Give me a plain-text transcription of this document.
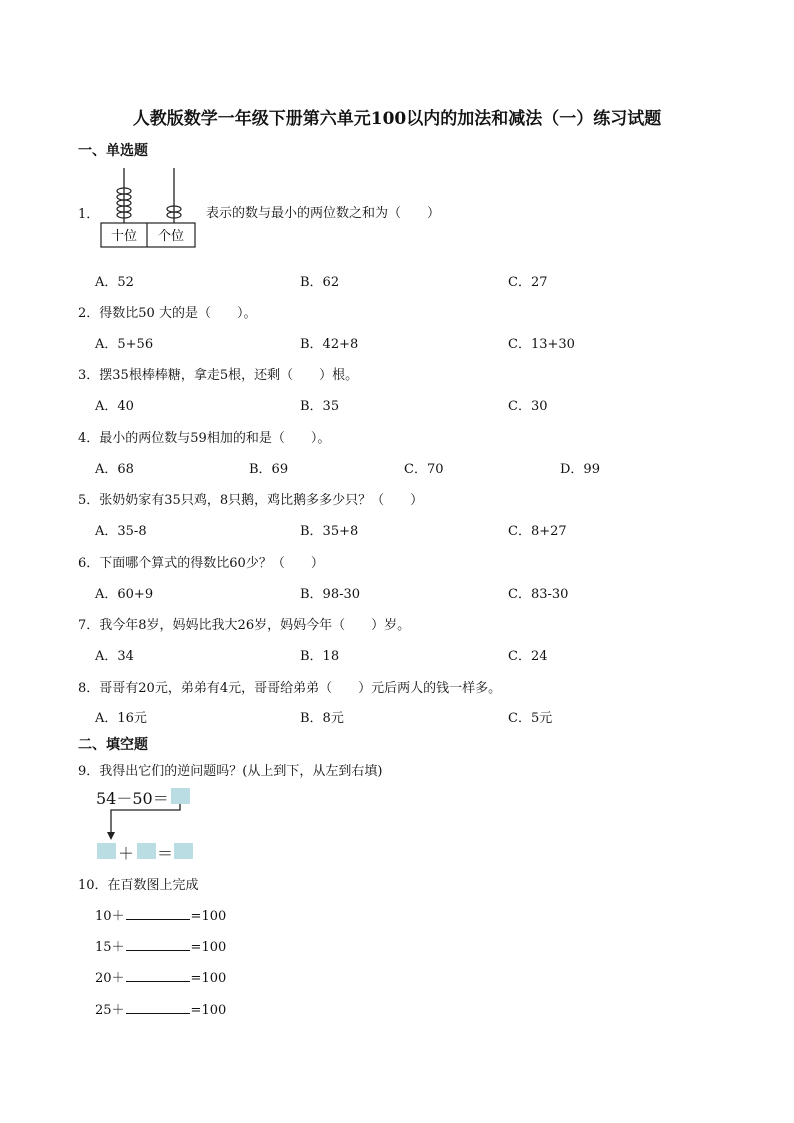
人教版数学一年级下册第六单元100以内的加法和减法（一）练习试题
一、单选题
1．
十位 个位
表示的数与最小的两位数之和为（　　）
A．52	B．62	C．27
2．得数比50 大的是（　　）。
A．5+56	B．42+8	C．13+30
3．摆35根棒棒糖，拿走5根，还剩（　　）根。
A．40	B．35	C．30
4．最小的两位数与59相加的和是（　　）。
A．68	B．69	C．70	D．99
5．张奶奶家有35只鸡，8只鹅，鸡比鹅多多少只？（　　）
A．35-8	B．35+8	C．8+27
6．下面哪个算式的得数比60少？（　　）
A．60+9	B．98-30	C．83-30
7．我今年8岁，妈妈比我大26岁，妈妈今年（　　）岁。
A．34	B．18	C．24
8．哥哥有20元，弟弟有4元，哥哥给弟弟（　　）元后两人的钱一样多。
A．16元	B．8元	C．5元
二、填空题
9．我得出它们的逆问题吗？(从上到下，从左到右填)
54－50＝
＋ ＝
10．在百数图上完成
10＋	=100
15＋	=100
20＋	=100
25＋	=100
